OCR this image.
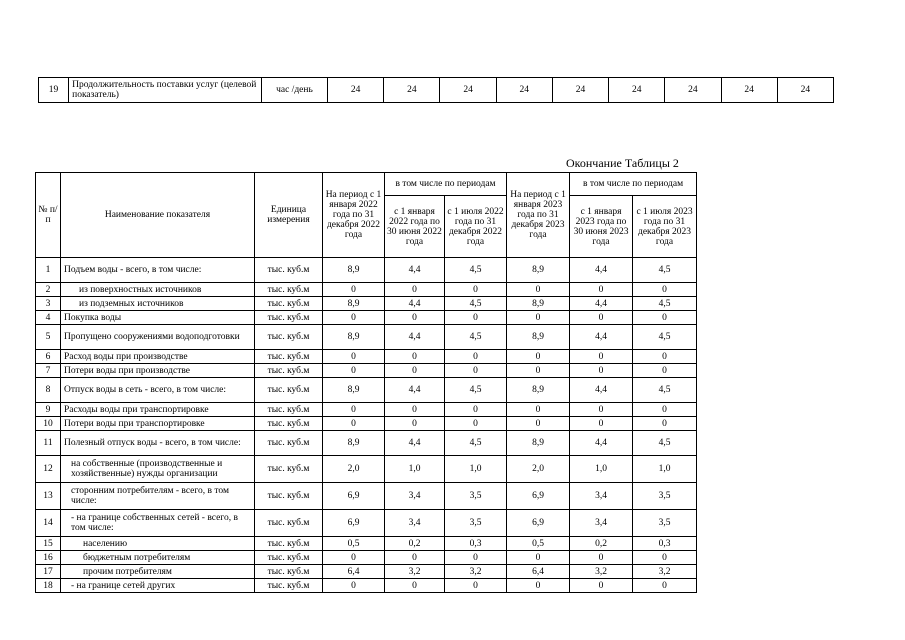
19	Продолжительность поставки услуг (целевой показатель)	час /день	24	24	24	24	24	24	24	24	24
Окончание Таблицы 2
№ п/п	Наименование показателя	Единица измерения	На период с 1 января 2022 года по 31 декабря 2022 года	в том числе по периодам		На период с 1 января 2023 года по 31 декабря 2023 года	в том числе по периодам	
				с 1 января 2022 года по 30 июня 2022 года	с 1 июля 2022 года по 31 декабря 2022 года		с 1 января 2023 года по 30 июня 2023 года	с 1 июля 2023 года по 31 декабря 2023 года
1	Подъем воды - всего, в том числе:	тыс. куб.м	8,9	4,4	4,5	8,9	4,4	4,5
2	из поверхностных источников	тыс. куб.м	0	0	0	0	0	0
3	из подземных источников	тыс. куб.м	8,9	4,4	4,5	8,9	4,4	4,5
4	Покупка воды	тыс. куб.м	0	0	0	0	0	0
5	Пропущено сооружениями водоподготовки	тыс. куб.м	8,9	4,4	4,5	8,9	4,4	4,5
6	Расход воды при производстве	тыс. куб.м	0	0	0	0	0	0
7	Потери воды при производстве	тыс. куб.м	0	0	0	0	0	0
8	Отпуск воды в сеть - всего, в том числе:	тыс. куб.м	8,9	4,4	4,5	8,9	4,4	4,5
9	Расходы воды при транспортировке	тыс. куб.м	0	0	0	0	0	0
10	Потери воды при транспортировке	тыс. куб.м	0	0	0	0	0	0
11	Полезный отпуск воды - всего, в том числе:	тыс. куб.м	8,9	4,4	4,5	8,9	4,4	4,5
12	на собственные (производственные и хозяйственные) нужды организации	тыс. куб.м	2,0	1,0	1,0	2,0	1,0	1,0
13	сторонним потребителям - всего, в том числе:	тыс. куб.м	6,9	3,4	3,5	6,9	3,4	3,5
14	- на границе собственных сетей - всего, в том числе:	тыс. куб.м	6,9	3,4	3,5	6,9	3,4	3,5
15	населению	тыс. куб.м	0,5	0,2	0,3	0,5	0,2	0,3
16	бюджетным потребителям	тыс. куб.м	0	0	0	0	0	0
17	прочим потребителям	тыс. куб.м	6,4	3,2	3,2	6,4	3,2	3,2
18	- на границе сетей других	тыс. куб.м	0	0	0	0	0	0
